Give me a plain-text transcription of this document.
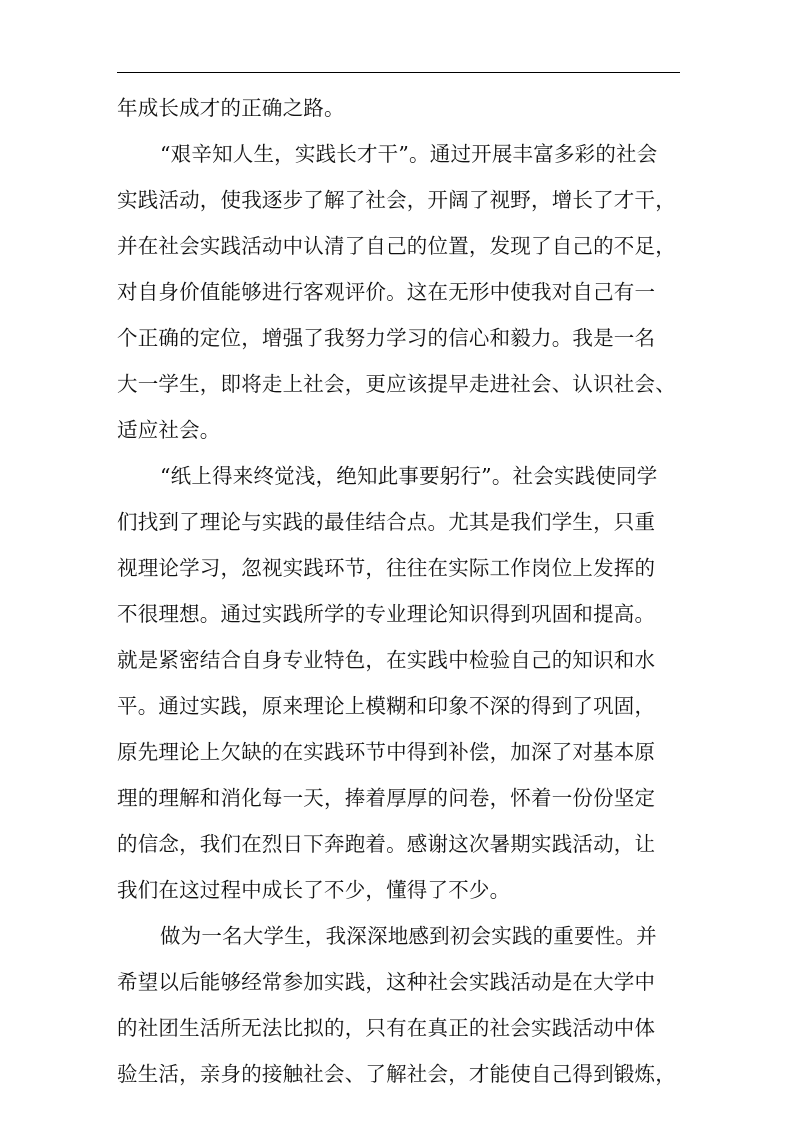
年成长成才的正确之路。
“艰辛知人生，实践长才干”。通过开展丰富多彩的社会
实践活动，使我逐步了解了社会，开阔了视野，增长了才干，
并在社会实践活动中认清了自己的位置，发现了自己的不足，
对自身价值能够进行客观评价。这在无形中使我对自己有一
个正确的定位，增强了我努力学习的信心和毅力。我是一名
大一学生，即将走上社会，更应该提早走进社会、认识社会、
适应社会。
“纸上得来终觉浅，绝知此事要躬行”。社会实践使同学
们找到了理论与实践的最佳结合点。尤其是我们学生，只重
视理论学习，忽视实践环节，往往在实际工作岗位上发挥的
不很理想。通过实践所学的专业理论知识得到巩固和提高。
就是紧密结合自身专业特色，在实践中检验自己的知识和水
平。通过实践，原来理论上模糊和印象不深的得到了巩固，
原先理论上欠缺的在实践环节中得到补偿，加深了对基本原
理的理解和消化每一天，捧着厚厚的问卷，怀着一份份坚定
的信念，我们在烈日下奔跑着。感谢这次暑期实践活动，让
我们在这过程中成长了不少，懂得了不少。
做为一名大学生，我深深地感到初会实践的重要性。并
希望以后能够经常参加实践，这种社会实践活动是在大学中
的社团生活所无法比拟的，只有在真正的社会实践活动中体
验生活，亲身的接触社会、了解社会，才能使自己得到锻炼，
